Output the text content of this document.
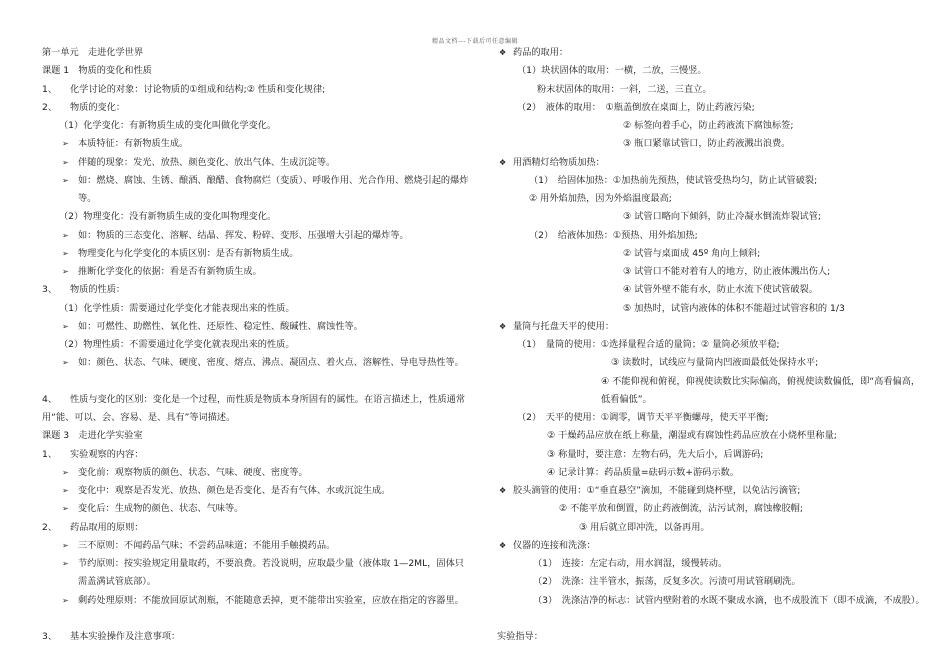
精品文档---下载后可任意编辑
第一单元　走进化学世界
课题 1　物质的变化和性质
1、 化学讨论的对象：讨论物质的①组成和结构;② 性质和变化规律;
2、 物质的变化：
（1）化学变化：有新物质生成的变化叫做化学变化。
➢ 本质特征：有新物质生成。
➢ 伴随的现象：发光、放热、颜色变化、放出气体、生成沉淀等。
➢ 如：燃烧、腐蚀、生锈、酿酒、酿醋、食物腐烂（变质）、呼吸作用、光合作用、燃烧引起的爆炸等。
（2）物理变化：没有新物质生成的变化叫物理变化。
➢ 如：物质的三态变化、溶解、结晶、挥发、粉碎、变形、压强增大引起的爆炸等。
➢ 物理变化与化学变化的本质区别：是否有新物质生成。
➢ 推断化学变化的依据：看是否有新物质生成。
3、 物质的性质：
（1）化学性质：需要通过化学变化才能表现出来的性质。
➢ 如：可燃性、助燃性、氧化性、还原性、稳定性、酸碱性、腐蚀性等。
（2）物理性质：不需要通过化学变化就表现出来的性质。
➢ 如：颜色、状态、气味、硬度、密度、熔点、沸点、凝固点、着火点、溶解性、导电导热性等。
4、 性质与变化的区别：变化是一个过程，而性质是物质本身所固有的属性。在语言描述上，性质通常用“能、可以、会、容易、是、具有”等词描述。
课题 3　走进化学实验室
1、 实验观察的内容：
➢ 变化前：观察物质的颜色、状态、气味、硬度、密度等。
➢ 变化中：观察是否发光、放热、颜色是否变化、是否有气体、水或沉淀生成。
➢ 变化后：生成物的颜色、状态、气味等。
2、 药品取用的原则：
➢ 三不原则：不闻药品气味；不尝药品味道；不能用手触摸药品。
➢ 节约原则：按实验规定用量取药，不要浪费。若没说明，应取最少量（液体取 1—2ML，固体只需盖满试管底部）。
➢ 剩药处理原则：不能放回原试剂瓶，不能随意丢掉，更不能带出实验室，应放在指定的容器里。
3、 基本实验操作及注意事项：
❖ 药品的取用：
（1）块状固体的取用：一横，二放，三慢竖。
粉末状固体的取用：一斜，二送，三直立。
（2）　液体的取用：　①瓶盖倒放在桌面上，防止药液污染;
② 标签向着手心，防止药液流下腐蚀标签;
③ 瓶口紧靠试管口，防止药液溅出浪费。
❖ 用酒精灯给物质加热：
（1）　给固体加热：①加热前先预热，使试管受热均匀，防止试管破裂;
② 用外焰加热，因为外焰温度最高;
③ 试管口略向下倾斜，防止冷凝水倒流炸裂试管;
（2）　给液体加热：①预热、用外焰加热;
② 试管与桌面成 45º 角向上倾斜;
③ 试管口不能对着有人的地方，防止液体溅出伤人;
④ 试管外壁不能有水，防止水流下使试管破裂。
⑤ 加热时，试管内液体的体积不能超过试管容积的 1/3
❖ 量筒与托盘天平的使用：
（1）　量筒的使用：①选择量程合适的量筒；② 量筒必须放平稳;
③ 读数时，试线应与量筒内凹液面最低处保持水平;
④ 不能仰视和俯视，仰视使读数比实际偏高，俯视使读数偏低，即“高看偏高，低看偏低”。
（2）　天平的使用：①调零，调节天平平衡螺母，使天平平衡;
② 干燥药品应放在纸上称量，潮湿或有腐蚀性药品应放在小烧杯里称量;
③ 称量时，要注意：左物右码，先大后小，后调游码;
④ 记录计算：药品质量=砝码示数+游码示数。
❖ 胶头滴管的使用：①“垂直悬空”滴加，不能碰到烧杯壁，以免沾污滴管;
② 不能平放和倒置，防止药液倒流，沾污试剂，腐蚀橡胶帽;
③ 用后就立即冲洗，以备再用。
❖ 仪器的连接和洗涤：
（1）　连接：左定右动，用水润湿，缓慢转动。
（2）　洗涤：注半管水，振荡，反复多次。污渍可用试管刷刷洗。
（3）　洗涤洁净的标志：试管内壁附着的水既不聚成水滴，也不成股流下（即不成滴，不成股）。
实验指导：
